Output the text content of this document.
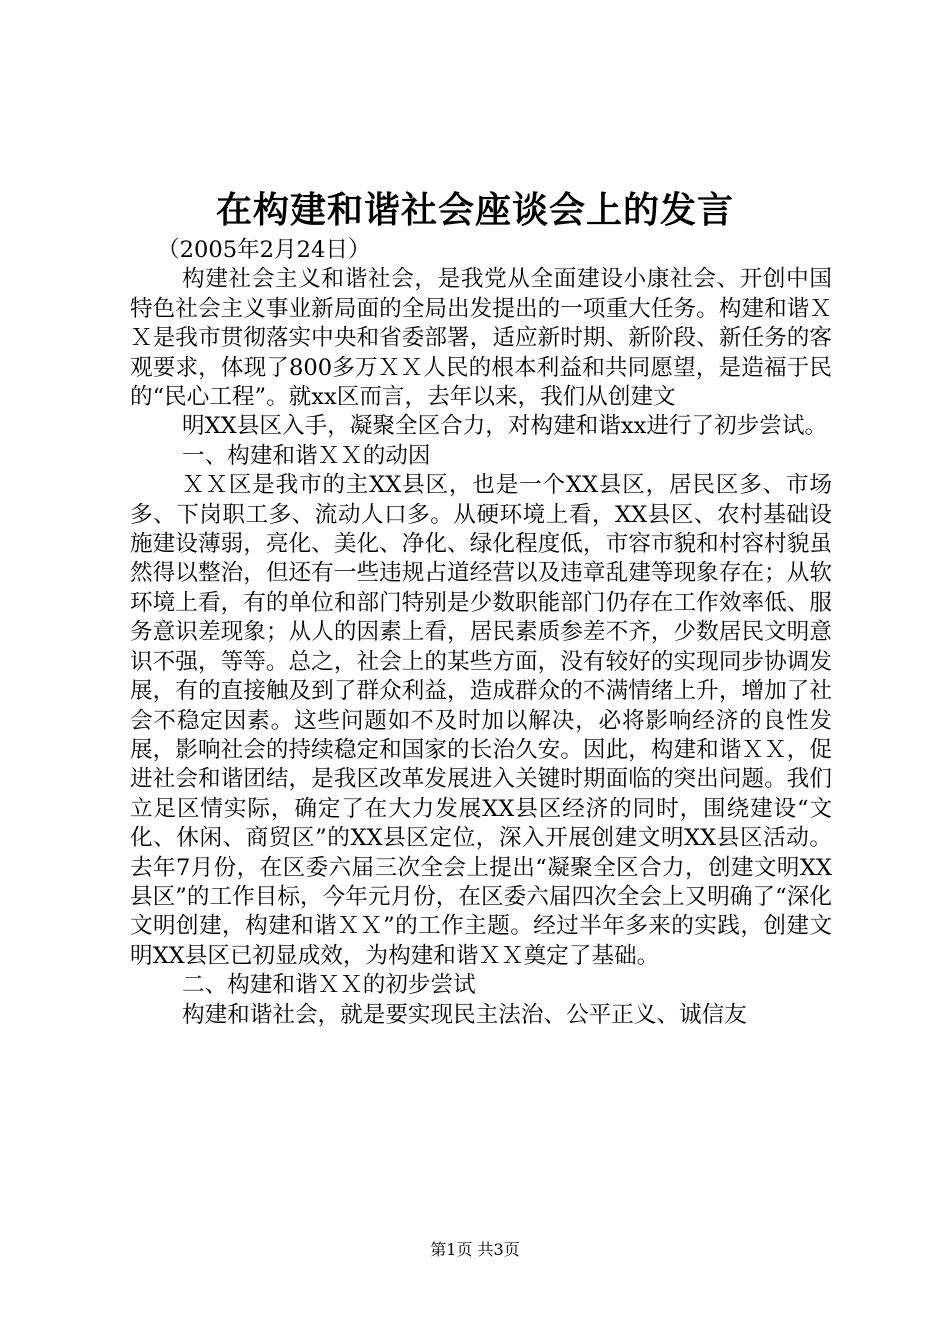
在构建和谐社会座谈会上的发言

（2005年2月24日）

构建社会主义和谐社会，是我党从全面建设小康社会、开创中国特色社会主义事业新局面的全局出发提出的一项重大任务。构建和谐ＸＸ是我市贯彻落实中央和省委部署，适应新时期、新阶段、新任务的客观要求，体现了800多万ＸＸ人民的根本利益和共同愿望，是造福于民的“民心工程”。就xx区而言，去年以来，我们从创建文

明XX县区入手，凝聚全区合力，对构建和谐xx进行了初步尝试。

一、构建和谐ＸＸ的动因

ＸＸ区是我市的主XX县区，也是一个XX县区，居民区多、市场多、下岗职工多、流动人口多。从硬环境上看，XX县区、农村基础设施建设薄弱，亮化、美化、净化、绿化程度低，市容市貌和村容村貌虽然得以整治，但还有一些违规占道经营以及违章乱建等现象存在；从软环境上看，有的单位和部门特别是少数职能部门仍存在工作效率低、服务意识差现象；从人的因素上看，居民素质参差不齐，少数居民文明意识不强，等等。总之，社会上的某些方面，没有较好的实现同步协调发展，有的直接触及到了群众利益，造成群众的不满情绪上升，增加了社会不稳定因素。这些问题如不及时加以解决，必将影响经济的良性发展，影响社会的持续稳定和国家的长治久安。因此，构建和谐ＸＸ，促进社会和谐团结，是我区改革发展进入关键时期面临的突出问题。我们立足区情实际，确定了在大力发展XX县区经济的同时，围绕建设“文化、休闲、商贸区”的XX县区定位，深入开展创建文明XX县区活动。去年7月份，在区委六届三次全会上提出“凝聚全区合力，创建文明XX县区”的工作目标，今年元月份，在区委六届四次全会上又明确了“深化文明创建，构建和谐ＸＸ”的工作主题。经过半年多来的实践，创建文明XX县区已初显成效，为构建和谐ＸＸ奠定了基础。

二、构建和谐ＸＸ的初步尝试

构建和谐社会，就是要实现民主法治、公平正义、诚信友

第1页 共3页
